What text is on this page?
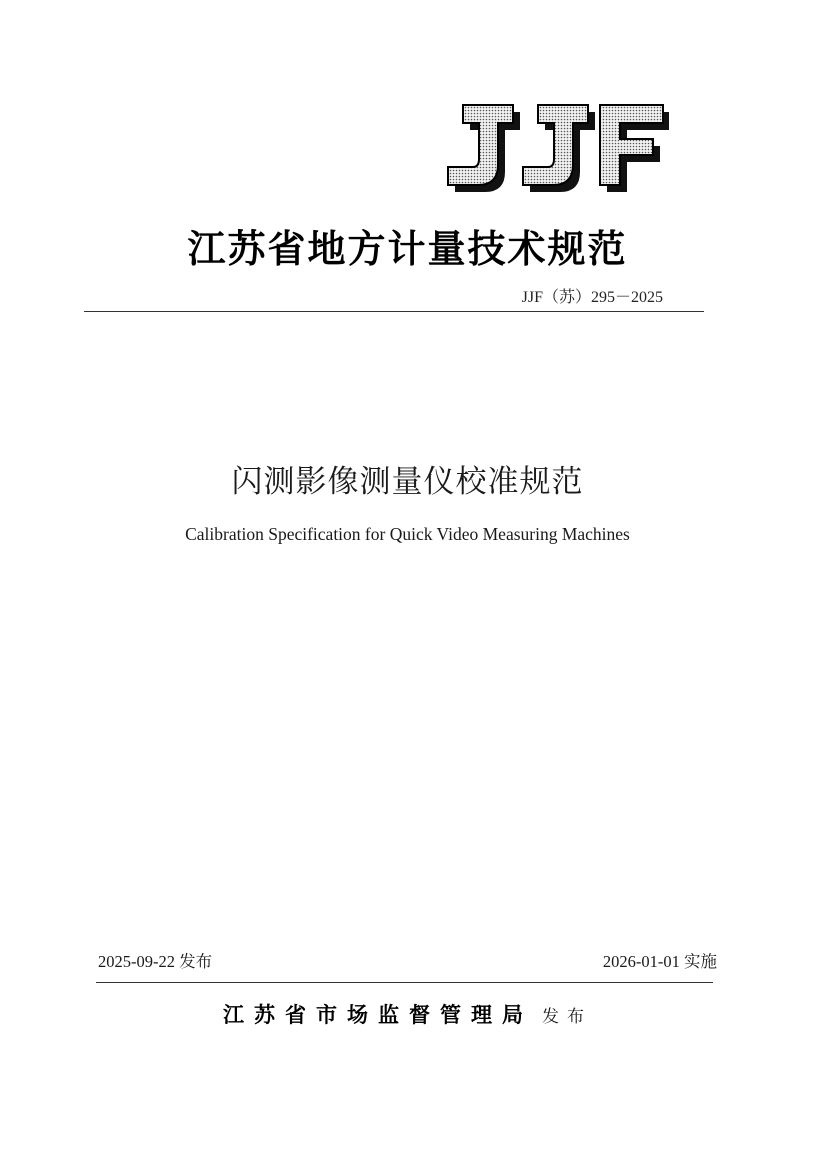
江苏省地方计量技术规范
JJF（苏）295－2025
闪测影像测量仪校准规范
Calibration Specification for Quick Video Measuring Machines
2025-09-22 发布	2026-01-01 实施
江苏省市场监督管理局 发布
